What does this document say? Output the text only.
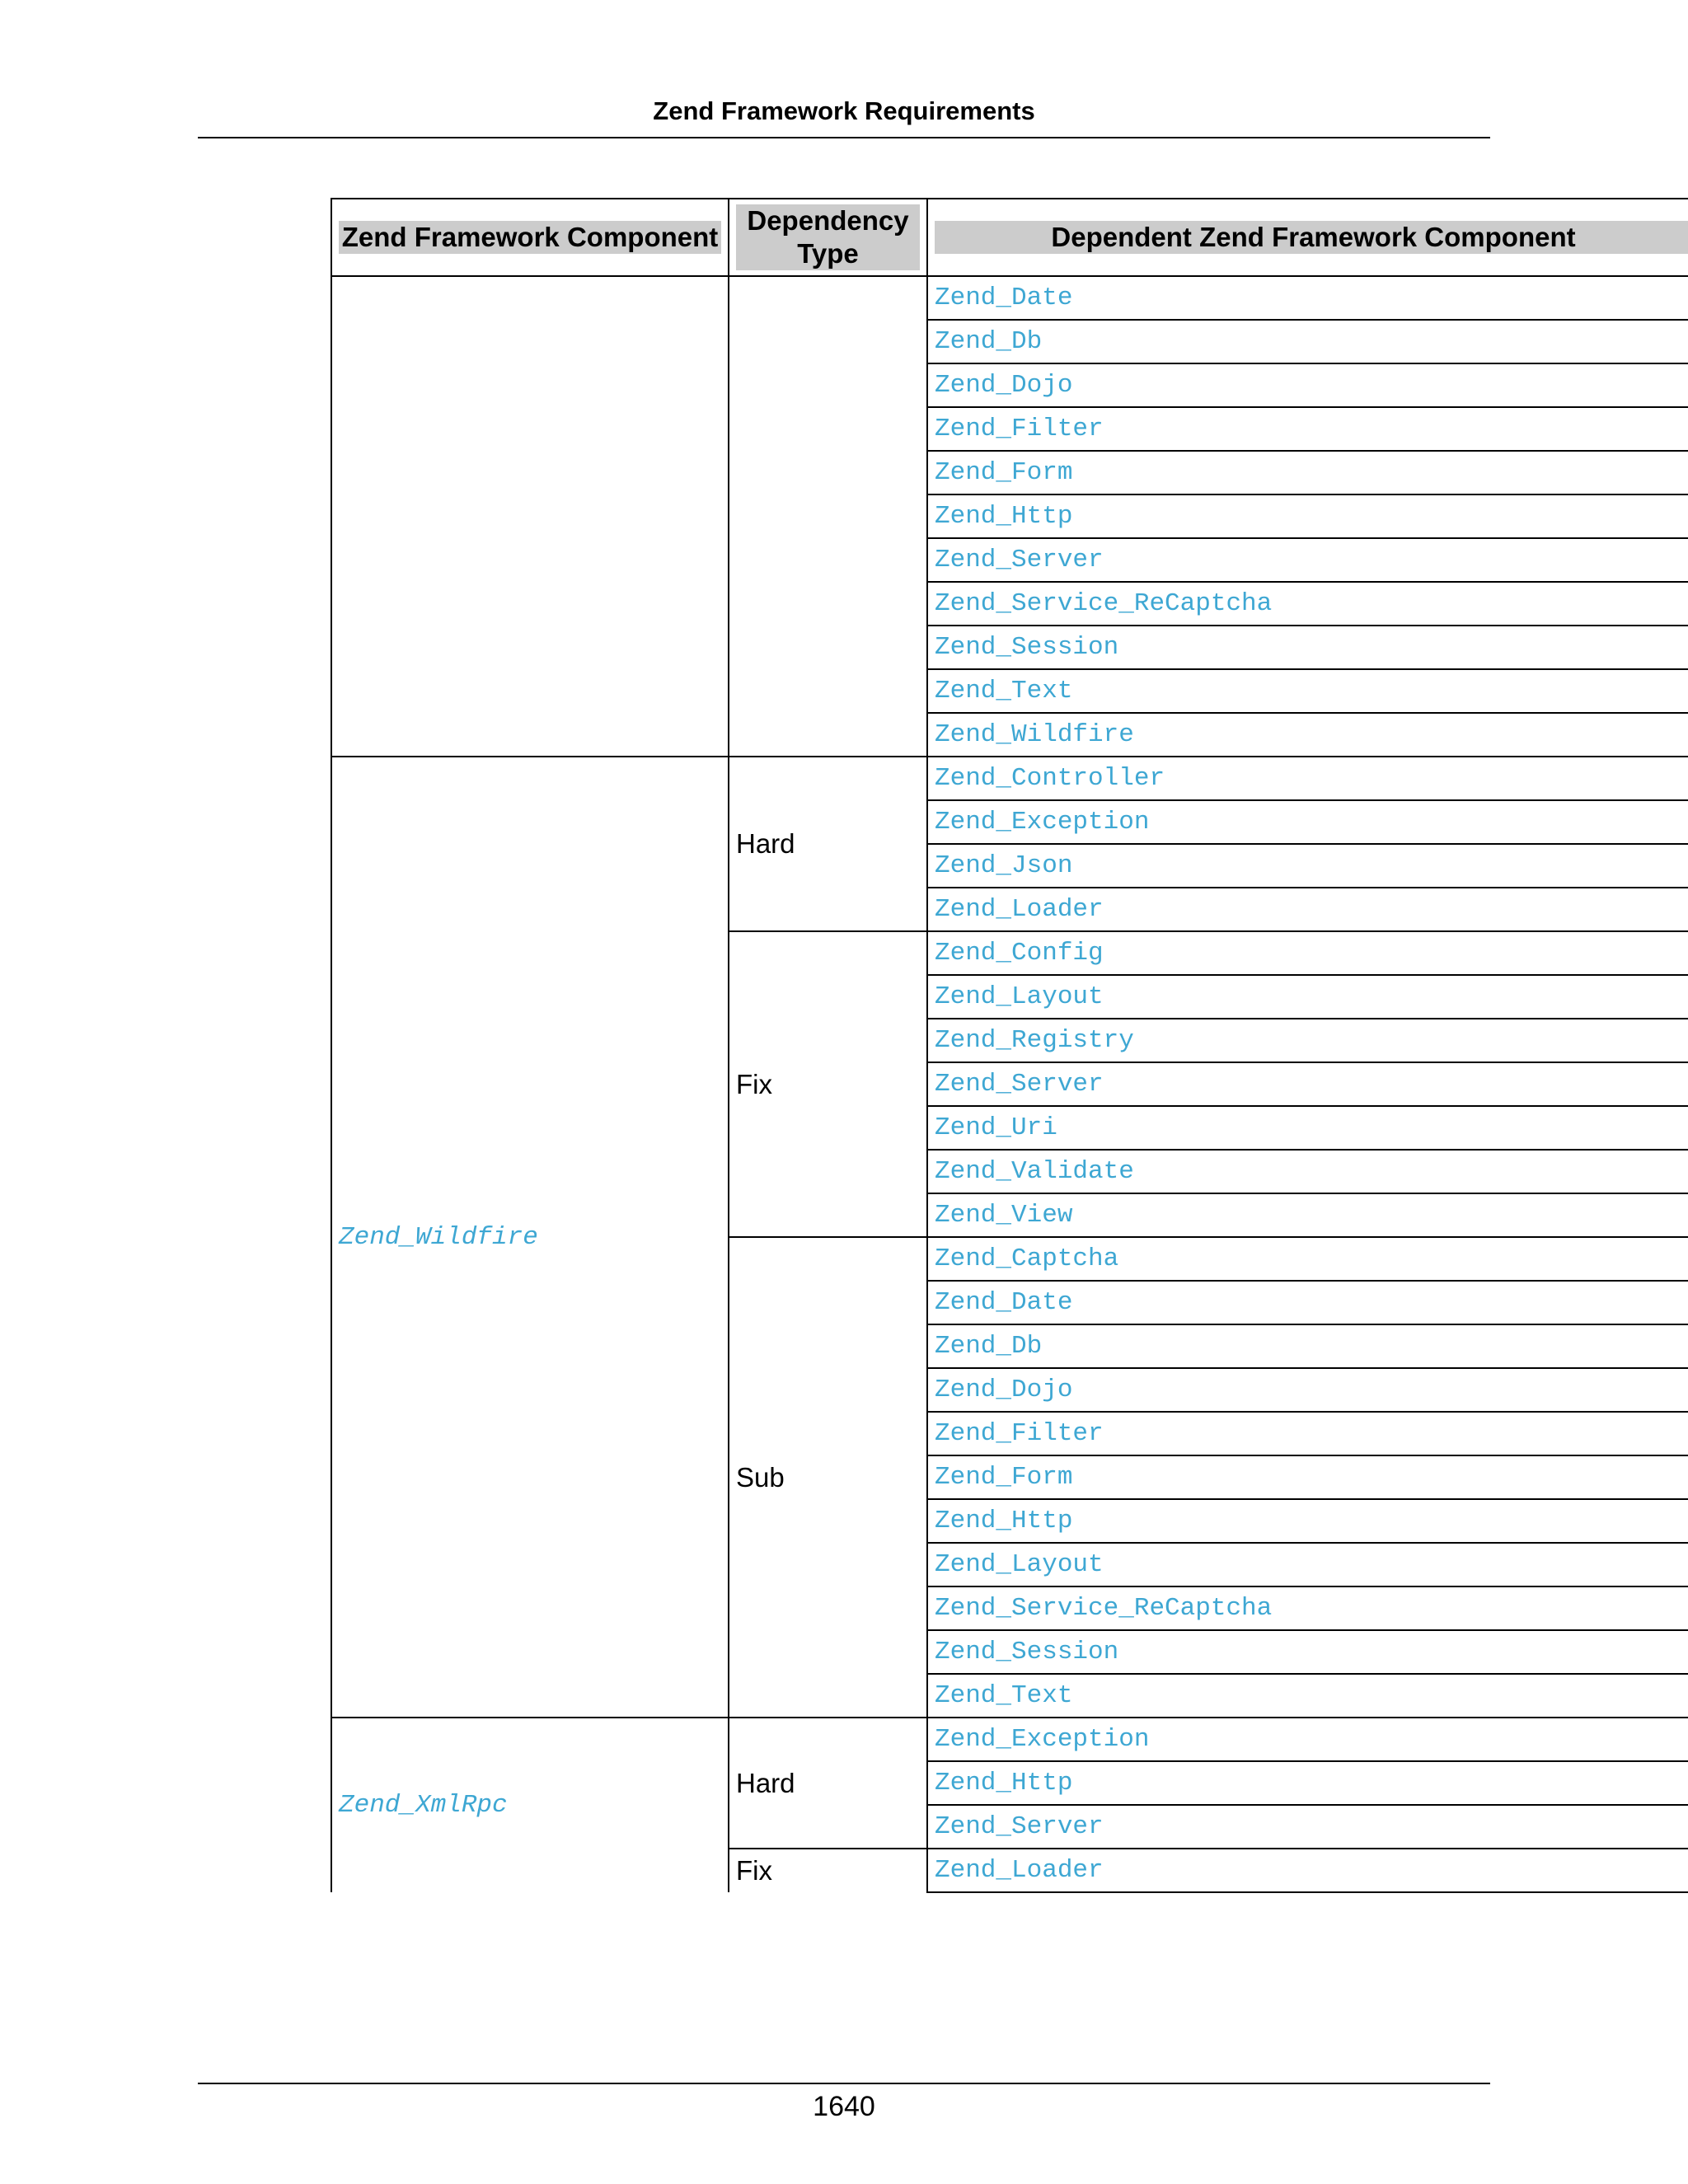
Zend Framework Requirements
Zend Framework Component	Dependency Type	Dependent Zend Framework Component

		Zend_Date
		Zend_Db
		Zend_Dojo
		Zend_Filter
		Zend_Form
		Zend_Http
		Zend_Server
		Zend_Service_ReCaptcha
		Zend_Session
		Zend_Text
		Zend_Wildfire
Zend_Wildfire	Hard	Zend_Controller
		Zend_Exception
		Zend_Json
		Zend_Loader
	Fix	Zend_Config
		Zend_Layout
		Zend_Registry
		Zend_Server
		Zend_Uri
		Zend_Validate
		Zend_View
	Sub	Zend_Captcha
		Zend_Date
		Zend_Db
		Zend_Dojo
		Zend_Filter
		Zend_Form
		Zend_Http
		Zend_Layout
		Zend_Service_ReCaptcha
		Zend_Session
		Zend_Text
Zend_XmlRpc	Hard	Zend_Exception
		Zend_Http
		Zend_Server
	Fix	Zend_Loader
1640
